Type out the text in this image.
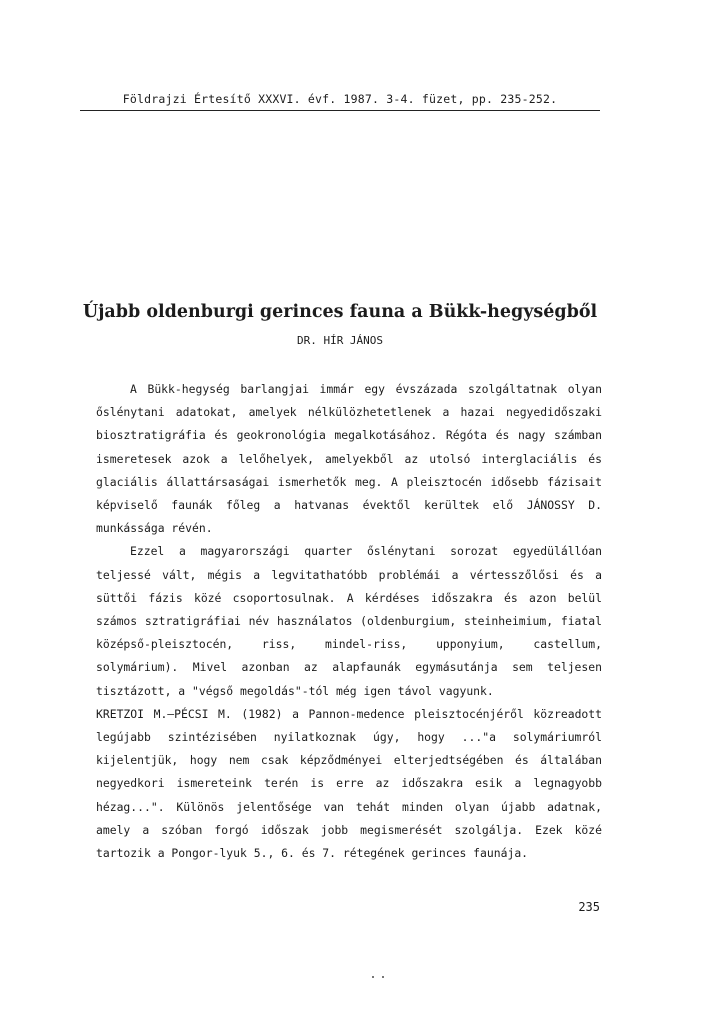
Földrajzi Értesítő XXXVI. évf. 1987. 3-4. füzet, pp. 235-252.
Újabb oldenburgi gerinces fauna a Bükk-hegységből
DR. HÍR JÁNOS

A Bükk-hegység barlangjai immár egy évszázada szolgáltatnak olyan őslénytani adatokat, amelyek nélkülözhetetlenek a hazai negyedidőszaki biosztratigráfia és geokronológia megalkotásához. Régóta és nagy számban ismeretesek azok a lelőhelyek, amelyekből az utolsó interglaciális és glaciális állattársaságai ismerhetők meg. A pleisztocén idősebb fázisait képviselő faunák főleg a hatvanas évektől kerültek elő JÁNOSSY D. munkássága révén.

Ezzel a magyarországi quarter őslénytani sorozat egyedülállóan teljessé vált, mégis a legvitathatóbb problémái a vértesszőlősi és a süttői fázis közé csoportosulnak. A kérdéses időszakra és azon belül számos sztratigráfiai név használatos (oldenburgium, steinheimium, fiatal középső-pleisztocén, riss, mindel-riss, upponyium, castellum, solymárium). Mivel azonban az alapfaunák egymásutánja sem teljesen tisztázott, a "végső megoldás"-tól még igen távol vagyunk.

KRETZOI M.—PÉCSI M. (1982) a Pannon-medence pleisztocénjéről közreadott legújabb szintézisében nyilatkoznak úgy, hogy ..."a solymáriumról kijelentjük, hogy nem csak képződményei elterjedtségében és általában negyedkori ismereteink terén is erre az időszakra esik a legnagyobb hézag...". Különös jelentősége van tehát minden olyan újabb adatnak, amely a szóban forgó időszak jobb megismerését szolgálja. Ezek közé tartozik a Pongor-lyuk 5., 6. és 7. rétegének gerinces faunája.

235
